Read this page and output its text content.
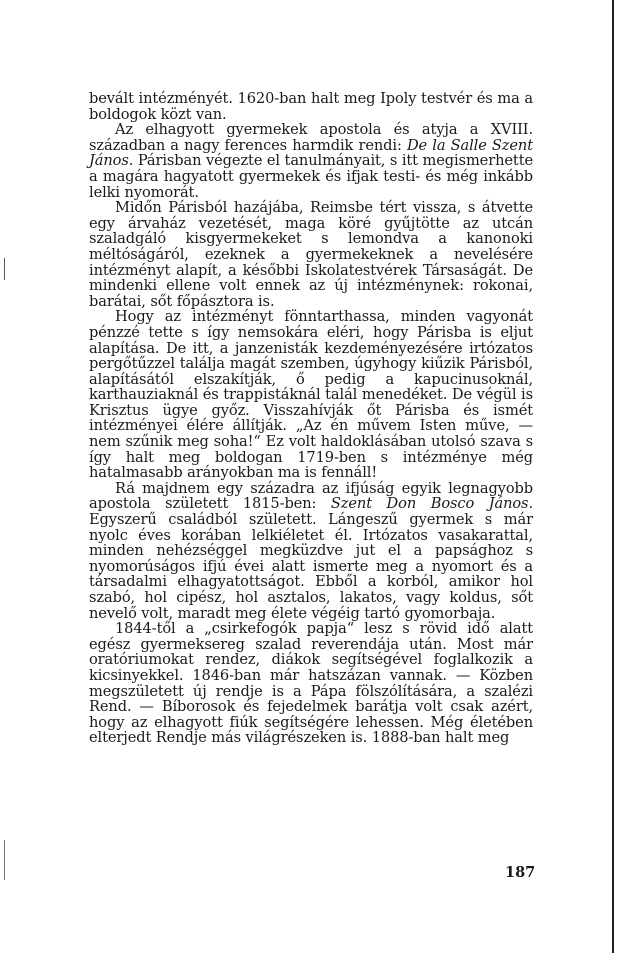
bevált intézményét. 1620-ban halt meg Ipoly testvér és ma a boldogok közt van.

Az elhagyott gyermekek apostola és atyja a XVIII. században a nagy ferences harmdik rendi: De la Salle Szent János. Párisban végezte el tanulmányait, s itt megismerhette a magára hagyatott gyermekek és ifjak testi- és még inkább lelki nyomorát.

Midőn Párisból hazájába, Reimsbe tért vissza, s átvette egy árvaház vezetését, maga köré gyűjtötte az utcán szaladgáló kisgyermekeket s lemondva a kanonoki méltóságáról, ezeknek a gyermekeknek a nevelésére intézményt alapít, a későbbi Iskolatestvérek Társaságát. De mindenki ellene volt ennek az új intézménynek: rokonai, barátai, sőt főpásztora is.

Hogy az intézményt fönntarthassa, minden vagyonát pénzzé tette s így nemsokára eléri, hogy Párisba is eljut alapítása. De itt, a janzenisták kezdeményezésére irtózatos pergőtűzzel találja magát szemben, úgyhogy kiűzik Párisból, alapításától elszakítják, ő pedig a kapucinusoknál, karthauziaknál és trappistáknál talál menedéket. De végül is Krisztus ügye győz. Visszahívják őt Párisba és ismét intézményei élére állítják. „Az én művem Isten műve, — nem szűnik meg soha!“ Ez volt haldoklásában utolsó szava s így halt meg boldogan 1719-ben s intézménye még hatalmasabb arányokban ma is fennáll!

Rá majdnem egy századra az ifjúság egyik legnagyobb apostola született 1815-ben: Szent Don Bosco János. Egyszerű családból született. Lángeszű gyermek s már nyolc éves korában lelkiéletet él. Irtózatos vasakarattal, minden nehézséggel megküzdve jut el a papsághoz s nyomorúságos ifjú évei alatt ismerte meg a nyomort és a társadalmi elhagyatottságot. Ebből a korból, amikor hol szabó, hol cipész, hol asztalos, lakatos, vagy koldus, sőt nevelő volt, maradt meg élete végéig tartó gyomorbaja.

1844-től a „csirkefogók papja“ lesz s rövid idő alatt egész gyermeksereg szalad reverendája után. Most már oratóriumokat rendez, diákok segítségével foglalkozik a kicsinyekkel. 1846-ban már hatszázan vannak. — Közben megszületett új rendje is a Pápa fölszólítására, a szalézi Rend. — Bíborosok és fejedelmek barátja volt csak azért, hogy az elhagyott fiúk segítségére lehessen. Még életében elterjedt Rendje más világrészeken is. 1888-ban halt meg

187
